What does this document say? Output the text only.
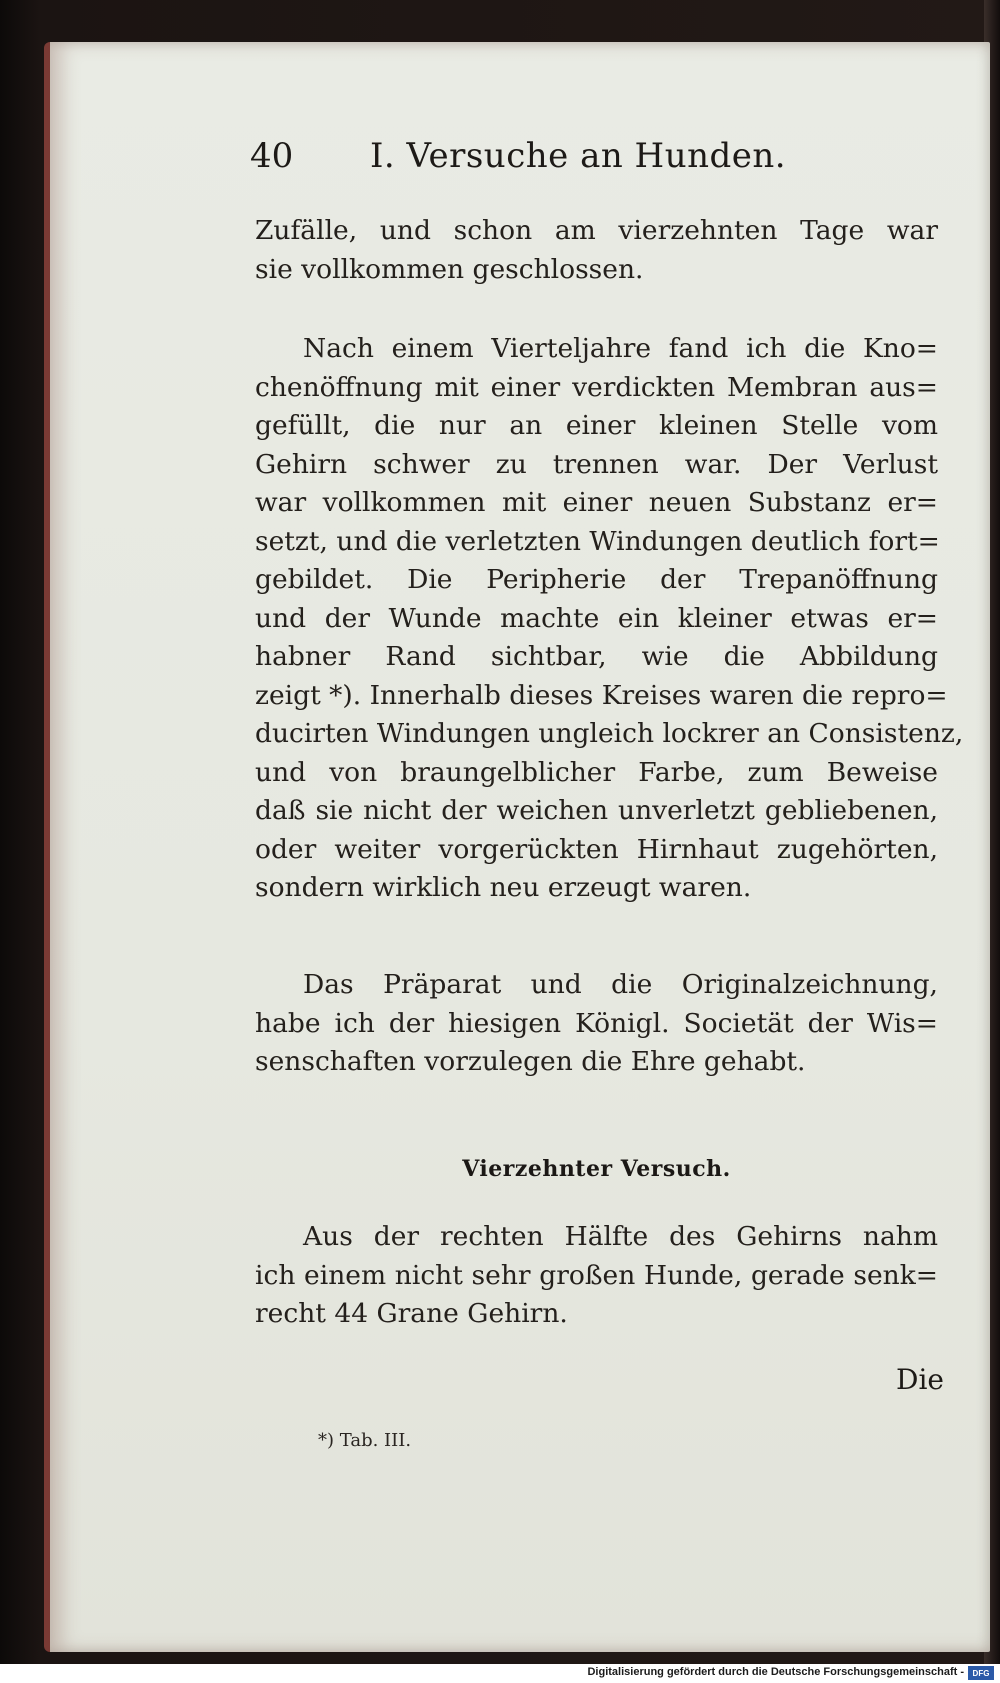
40	I. Versuche an Hunden.
Zufälle, und schon am vierzehnten Tage war
sie vollkommen geschlossen.
Nach einem Vierteljahre fand ich die Kno=
chenöffnung mit einer verdickten Membran aus=
gefüllt, die nur an einer kleinen Stelle vom
Gehirn schwer zu trennen war. Der Verlust
war vollkommen mit einer neuen Substanz er=
setzt, und die verletzten Windungen deutlich fort=
gebildet. Die Peripherie der Trepanöffnung
und der Wunde machte ein kleiner etwas er=
habner Rand sichtbar, wie die Abbildung
zeigt *). Innerhalb dieses Kreises waren die repro=
ducirten Windungen ungleich lockrer an Consistenz,
und von braungelblicher Farbe, zum Beweise
daß sie nicht der weichen unverletzt gebliebenen,
oder weiter vorgerückten Hirnhaut zugehörten,
sondern wirklich neu erzeugt waren.
Das Präparat und die Originalzeichnung,
habe ich der hiesigen Königl. Societät der Wis=
senschaften vorzulegen die Ehre gehabt.
Vierzehnter Versuch.
Aus der rechten Hälfte des Gehirns nahm
ich einem nicht sehr großen Hunde, gerade senk=
recht 44 Grane Gehirn.
Die
*) Tab. III.
Digitalisierung gefördert durch die Deutsche Forschungsgemeinschaft -	DFG
